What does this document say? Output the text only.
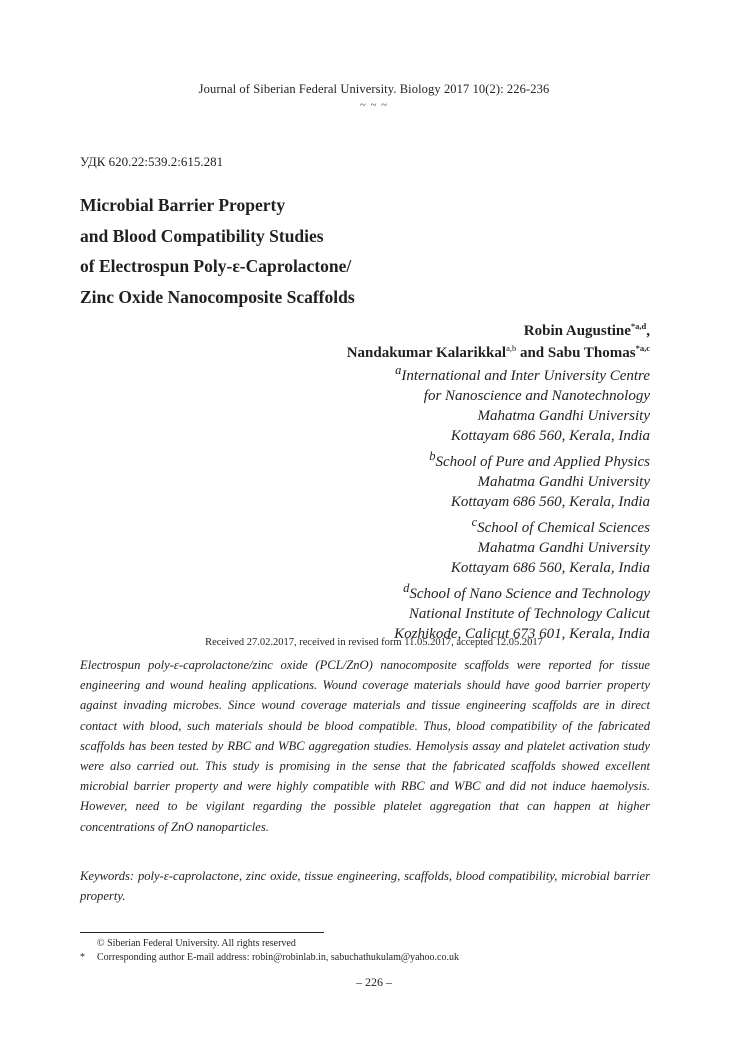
Journal of Siberian Federal University. Biology 2017 10(2): 226-236
~ ~ ~
УДК 620.22:539.2:615.281
Microbial Barrier Property
and Blood Compatibility Studies
of Electrospun Poly-ɛ-Caprolactone/
Zinc Oxide Nanocomposite Scaffolds
Robin Augustine$^{*a,d}$,
Nandakumar Kalarikkal$^{a,b}$ and Sabu Thomas$^{*a,c}$
$^a$International and Inter University Centre
for Nanoscience and Nanotechnology
Mahatma Gandhi University
Kottayam 686 560, Kerala, India
$^b$School of Pure and Applied Physics
Mahatma Gandhi University
Kottayam 686 560, Kerala, India
$^c$School of Chemical Sciences
Mahatma Gandhi University
Kottayam 686 560, Kerala, India
$^d$School of Nano Science and Technology
National Institute of Technology Calicut
Kozhikode, Calicut 673 601, Kerala, India
Received 27.02.2017, received in revised form 11.05.2017, accepted 12.05.2017
Electrospun poly-ɛ-caprolactone/zinc oxide (PCL/ZnO) nanocomposite scaffolds were reported for tissue engineering and wound healing applications. Wound coverage materials should have good barrier property against invading microbes. Since wound coverage materials and tissue engineering scaffolds are in direct contact with blood, such materials should be blood compatible. Thus, blood compatibility of the fabricated scaffolds has been tested by RBC and WBC aggregation studies. Hemolysis assay and platelet activation study were also carried out. This study is promising in the sense that the fabricated scaffolds showed excellent microbial barrier property and were highly compatible with RBC and WBC and did not induce haemolysis. However, need to be vigilant regarding the possible platelet aggregation that can happen at higher concentrations of ZnO nanoparticles.
Keywords: poly-ɛ-caprolactone, zinc oxide, tissue engineering, scaffolds, blood compatibility, microbial barrier property.
© Siberian Federal University. All rights reserved
* Corresponding author E-mail address: robin@robinlab.in, sabuchathukulam@yahoo.co.uk
– 226 –
